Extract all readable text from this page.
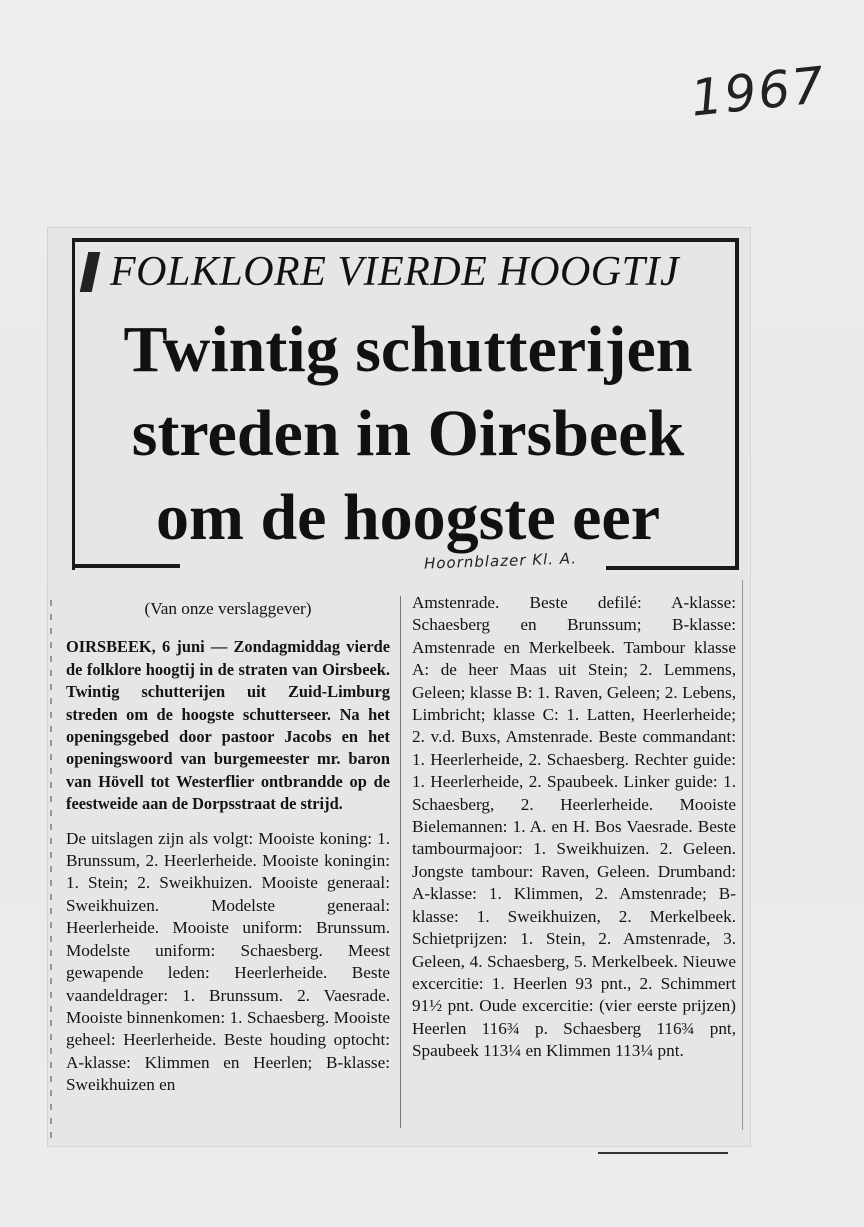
1967
FOLKLORE VIERDE HOOGTIJ
Twintig schutterijen
streden in Oirsbeek
om de hoogste eer
Hoornblazer Kl. A.
(Van onze verslaggever)
OIRSBEEK, 6 juni — Zondagmiddag vierde de folklore hoogtij in de straten van Oirsbeek. Twintig schutterijen uit Zuid-Limburg streden om de hoogste schutterseer. Na het openingsgebed door pastoor Jacobs en het openingswoord van burgemeester mr. baron van Hövell tot Westerflier ontbrandde op de feestweide aan de Dorpsstraat de strijd.
De uitslagen zijn als volgt: Mooiste koning: 1. Brunssum, 2. Heerlerheide. Mooiste koningin: 1. Stein; 2. Sweikhuizen. Mooiste generaal: Sweikhuizen. Modelste generaal: Heerlerheide. Mooiste uniform: Brunssum. Modelste uniform: Schaesberg. Meest gewapende leden: Heerlerheide. Beste vaandeldrager: 1. Brunssum. 2. Vaesrade. Mooiste binnenkomen: 1. Schaesberg. Mooiste geheel: Heerlerheide. Beste houding optocht: A-klasse: Klimmen en Heerlen; B-klasse: Sweikhuizen en
Amstenrade. Beste defilé: A-klasse: Schaesberg en Brunssum; B-klasse: Amstenrade en Merkelbeek. Tambour klasse A: de heer Maas uit Stein; 2. Lemmens, Geleen; klasse B: 1. Raven, Geleen; 2. Lebens, Limbricht; klasse C: 1. Latten, Heerlerheide; 2. v.d. Buxs, Amstenrade. Beste commandant: 1. Heerlerheide, 2. Schaesberg. Rechter guide: 1. Heerlerheide, 2. Spaubeek. Linker guide: 1. Schaesberg, 2. Heerlerheide. Mooiste Bielemannen: 1. A. en H. Bos Vaesrade. Beste tambourmajoor: 1. Sweikhuizen. 2. Geleen. Jongste tambour: Raven, Geleen. Drumband: A-klasse: 1. Klimmen, 2. Amstenrade; B-klasse: 1. Sweikhuizen, 2. Merkelbeek. Schietprijzen: 1. Stein, 2. Amstenrade, 3. Geleen, 4. Schaesberg, 5. Merkelbeek. Nieuwe excercitie: 1. Heerlen 93 pnt., 2. Schimmert 91½ pnt. Oude excercitie: (vier eerste prijzen) Heerlen 116¾ p. Schaesberg 116¾ pnt, Spaubeek 113¼ en Klimmen 113¼ pnt.
